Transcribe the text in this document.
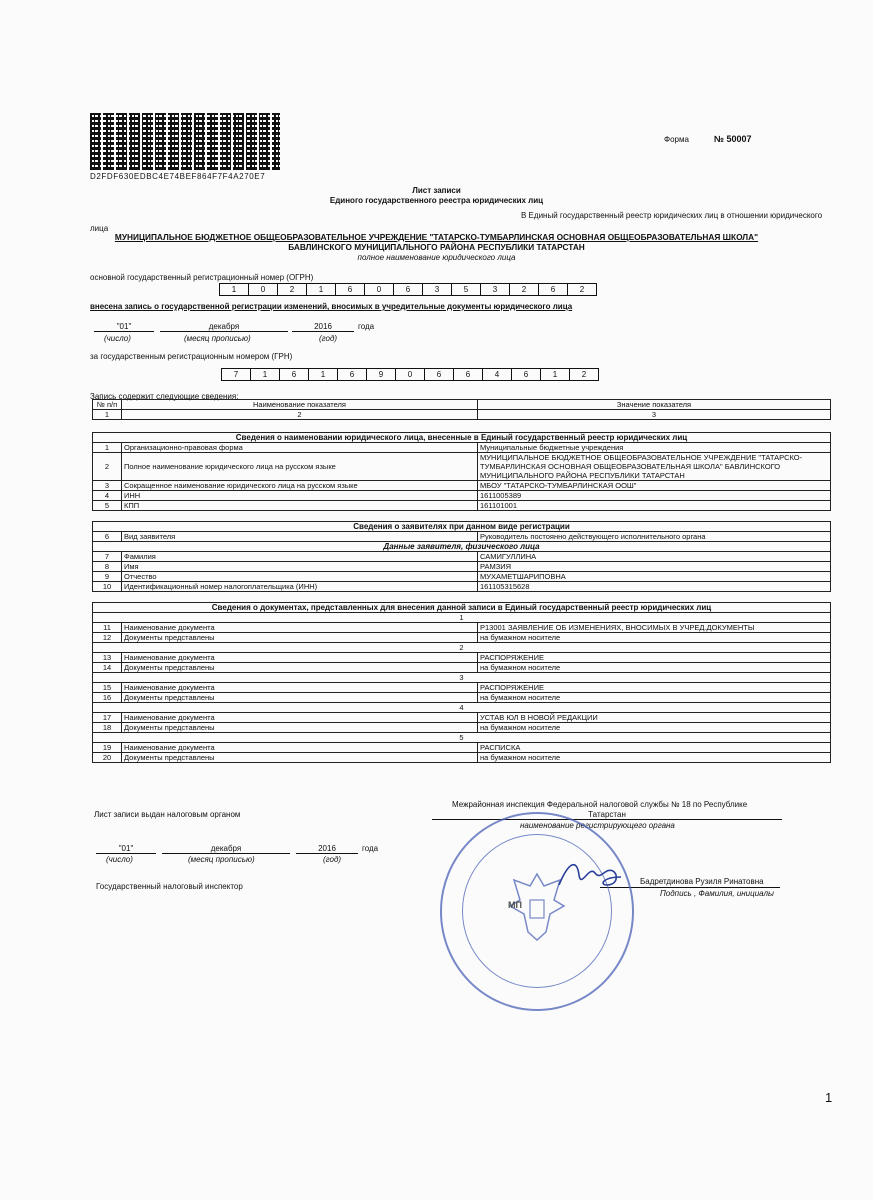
D2FDF630EDBC4E74BEF864F7F4A270E7
Форма	№ 50007
Лист записи
Единого государственного реестра юридических лиц
В Единый государственный реестр юридических лиц в отношении юридического
лица
МУНИЦИПАЛЬНОЕ БЮДЖЕТНОЕ ОБЩЕОБРАЗОВАТЕЛЬНОЕ УЧРЕЖДЕНИЕ "ТАТАРСКО-ТУМБАРЛИНСКАЯ ОСНОВНАЯ ОБЩЕОБРАЗОВАТЕЛЬНАЯ ШКОЛА"
БАВЛИНСКОГО МУНИЦИПАЛЬНОГО РАЙОНА РЕСПУБЛИКИ ТАТАРСТАН
полное наименование юридического лица
основной государственный регистрационный номер (ОГРН)
1	0	2	1	6	0	6	3	5	3	2	6	2
внесена запись о государственной регистрации изменений, вносимых в учредительные документы юридического лица
"01"	декабря	2016	года
(число)	(месяц прописью)	(год)
за государственным регистрационным номером (ГРН)
7	1	6	1	6	9	0	6	6	4	6	1	2
Запись содержит следующие сведения:
№ п/п	Наименование показателя	Значение показателя
1	2	3

Сведения о наименовании юридического лица, внесенные в Единый государственный реестр юридических лиц		
1	Организационно-правовая форма	Муниципальные бюджетные учреждения
2	Полное наименование юридического лица на русском языке	МУНИЦИПАЛЬНОЕ БЮДЖЕТНОЕ ОБЩЕОБРАЗОВАТЕЛЬНОЕ УЧРЕЖДЕНИЕ "ТАТАРСКО-ТУМБАРЛИНСКАЯ ОСНОВНАЯ ОБЩЕОБРАЗОВАТЕЛЬНАЯ ШКОЛА" БАВЛИНСКОГО МУНИЦИПАЛЬНОГО РАЙОНА РЕСПУБЛИКИ ТАТАРСТАН
3	Сокращенное наименование юридического лица на русском языке	МБОУ "ТАТАРСКО-ТУМБАРЛИНСКАЯ ООШ"
4	ИНН	1611005389
5	КПП	161101001

Сведения о заявителях при данном виде регистрации		
6	Вид заявителя	Руководитель постоянно действующего исполнительного органа
Данные заявителя, физического лица		
7	Фамилия	САМИГУЛЛИНА
8	Имя	РАМЗИЯ
9	Отчество	МУХАМЕТШАРИПОВНА
10	Идентификационный номер налогоплательщика (ИНН)	161105315628

Сведения о документах, представленных для внесения данной записи в Единый государственный реестр юридических лиц		
1		
11	Наименование документа	Р13001 ЗАЯВЛЕНИЕ ОБ ИЗМЕНЕНИЯХ, ВНОСИМЫХ В УЧРЕД.ДОКУМЕНТЫ
12	Документы представлены	на бумажном носителе
2		
13	Наименование документа	РАСПОРЯЖЕНИЕ
14	Документы представлены	на бумажном носителе
3		
15	Наименование документа	РАСПОРЯЖЕНИЕ
16	Документы представлены	на бумажном носителе
4		
17	Наименование документа	УСТАВ ЮЛ В НОВОЙ РЕДАКЦИИ
18	Документы представлены	на бумажном носителе
5		
19	Наименование документа	РАСПИСКА
20	Документы представлены	на бумажном носителе
Лист записи выдан налоговым органом
Межрайонная инспекция Федеральной налоговой службы № 18 по Республике
Татарстан
наименование регистрирующего органа
"01"	декабря	2016	года
(число)	(месяц прописью)	(год)
Государственный налоговый инспектор
Бадретдинова Рузиля Ринатовна
Подпись , Фамилия, инициалы
МП
1
